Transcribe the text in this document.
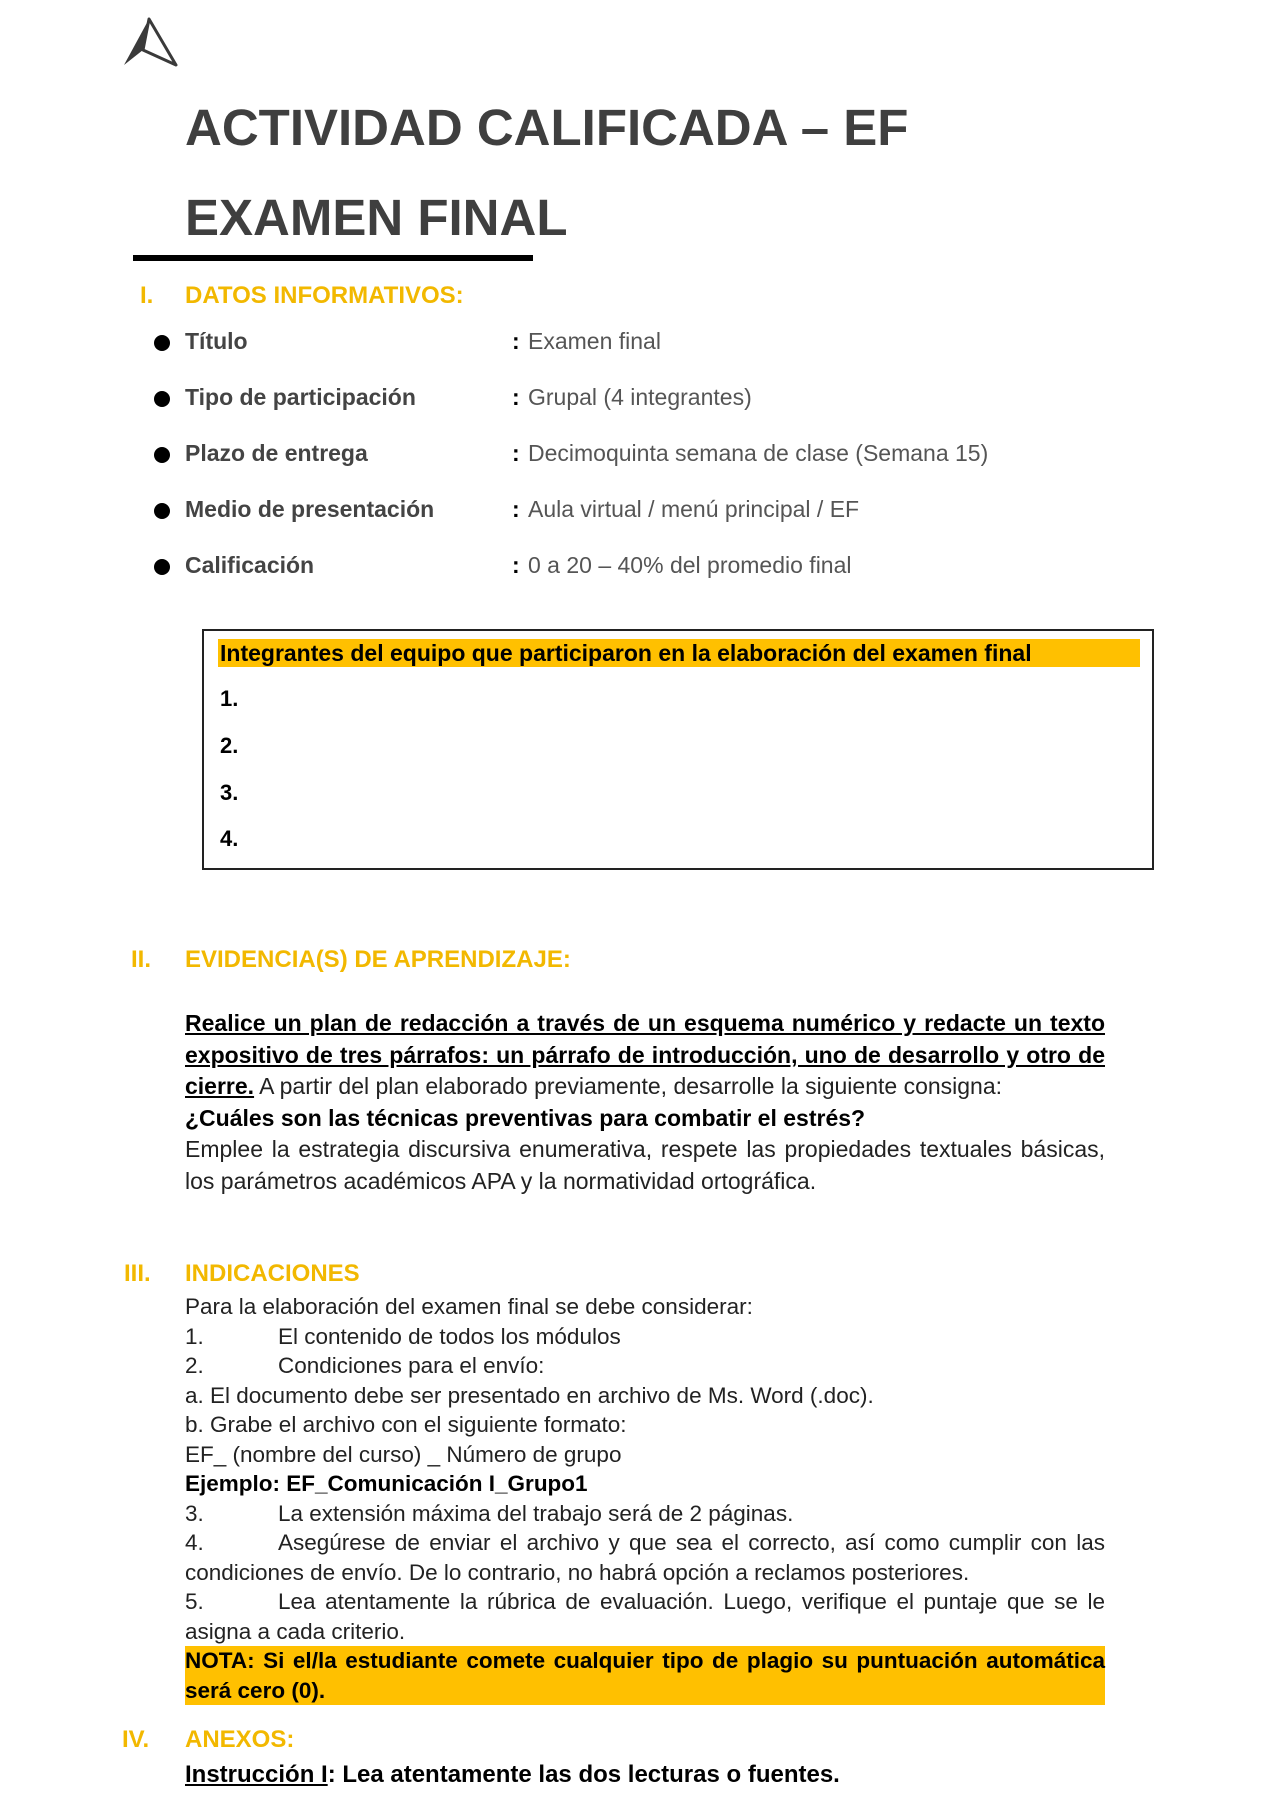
ACTIVIDAD CALIFICADA – EF
EXAMEN FINAL
I. DATOS INFORMATIVOS:
Título	: Examen final
Tipo de participación	: Grupal (4 integrantes)
Plazo de entrega	: Decimoquinta semana de clase (Semana 15)
Medio de presentación	: Aula virtual / menú principal / EF
Calificación	: 0 a 20 – 40% del promedio final
Integrantes del equipo que participaron en la elaboración del examen final
1.
2.
3.
4.
II. EVIDENCIA(S) DE APRENDIZAJE:

Realice un plan de redacción a través de un esquema numérico y redacte un texto expositivo de tres párrafos: un párrafo de introducción, uno de desarrollo y otro de cierre. A partir del plan elaborado previamente, desarrolle la siguiente consigna:
¿Cuáles son las técnicas preventivas para combatir el estrés?
Emplee la estrategia discursiva enumerativa, respete las propiedades textuales básicas, los parámetros académicos APA y la normatividad ortográfica.

III. INDICACIONES
Para la elaboración del examen final se debe considerar:
1.	El contenido de todos los módulos
2.	Condiciones para el envío:
a. El documento debe ser presentado en archivo de Ms. Word (.doc).
b. Grabe el archivo con el siguiente formato:
EF_ (nombre del curso) _ Número de grupo
Ejemplo: EF_Comunicación I_Grupo1
3.	La extensión máxima del trabajo será de 2 páginas.
4.	Asegúrese de enviar el archivo y que sea el correcto, así como cumplir con las condiciones de envío. De lo contrario, no habrá opción a reclamos posteriores.
5.	Lea atentamente la rúbrica de evaluación. Luego, verifique el puntaje que se le asigna a cada criterio.
NOTA: Si el/la estudiante comete cualquier tipo de plagio su puntuación automática será cero (0).
IV. ANEXOS:
Instrucción I: Lea atentamente las dos lecturas o fuentes.
